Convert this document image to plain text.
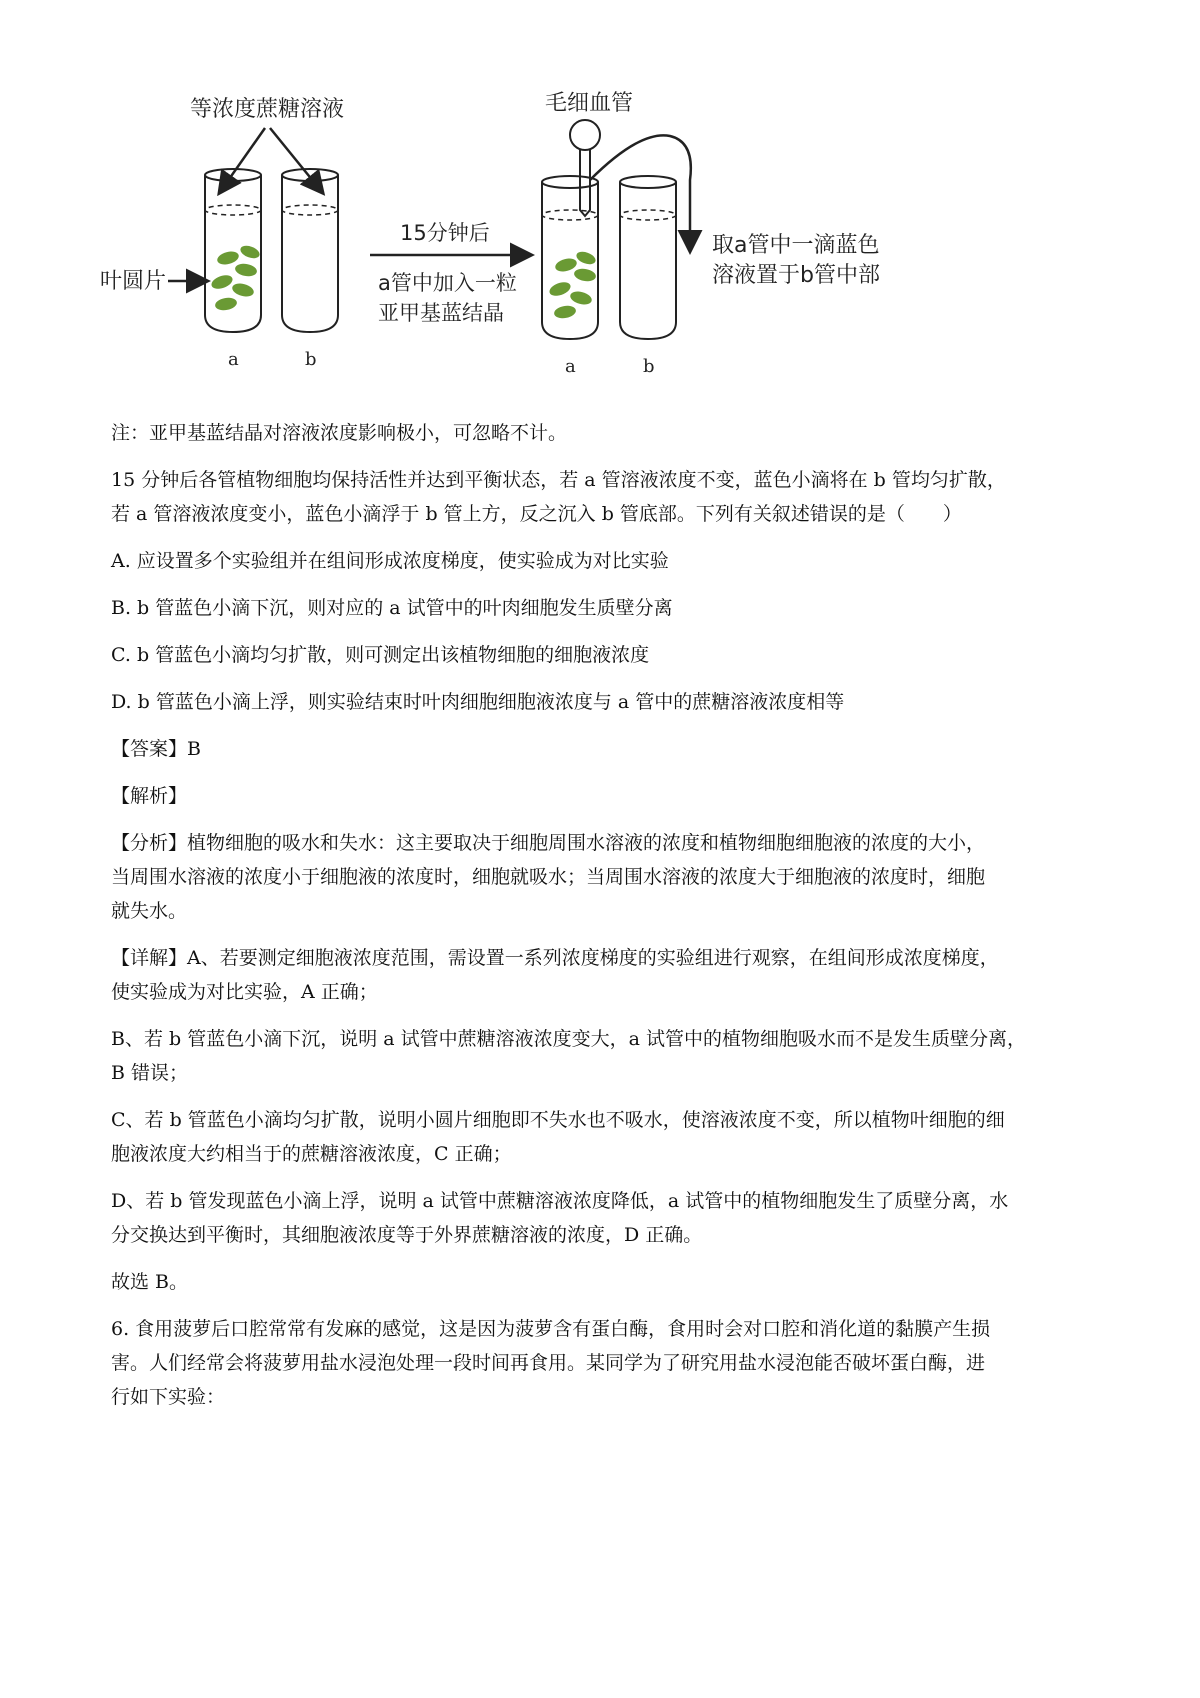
等浓度蔗糖溶液
叶圆片
a	b
15分钟后
a管中加入一粒
亚甲基蓝结晶
毛细血管
a	b
取a管中一滴蓝色
溶液置于b管中部

注：亚甲基蓝结晶对溶液浓度影响极小，可忽略不计。

15 分钟后各管植物细胞均保持活性并达到平衡状态，若 a 管溶液浓度不变，蓝色小滴将在 b 管均匀扩散，

若 a 管溶液浓度变小，蓝色小滴浮于 b 管上方，反之沉入 b 管底部。下列有关叙述错误的是（　　）

A. 应设置多个实验组并在组间形成浓度梯度，使实验成为对比实验

B. b 管蓝色小滴下沉，则对应的 a 试管中的叶肉细胞发生质壁分离

C. b 管蓝色小滴均匀扩散，则可测定出该植物细胞的细胞液浓度

D. b 管蓝色小滴上浮，则实验结束时叶肉细胞细胞液浓度与 a 管中的蔗糖溶液浓度相等

【答案】B

【解析】

【分析】植物细胞的吸水和失水：这主要取决于细胞周围水溶液的浓度和植物细胞细胞液的浓度的大小，

当周围水溶液的浓度小于细胞液的浓度时，细胞就吸水；当周围水溶液的浓度大于细胞液的浓度时，细胞

就失水。

【详解】A、若要测定细胞液浓度范围，需设置一系列浓度梯度的实验组进行观察，在组间形成浓度梯度，

使实验成为对比实验，A 正确；

B、若 b 管蓝色小滴下沉，说明 a 试管中蔗糖溶液浓度变大，a 试管中的植物细胞吸水而不是发生质壁分离，

B 错误；

C、若 b 管蓝色小滴均匀扩散，说明小圆片细胞即不失水也不吸水，使溶液浓度不变，所以植物叶细胞的细

胞液浓度大约相当于的蔗糖溶液浓度，C 正确；

D、若 b 管发现蓝色小滴上浮，说明 a 试管中蔗糖溶液浓度降低，a 试管中的植物细胞发生了质壁分离，水

分交换达到平衡时，其细胞液浓度等于外界蔗糖溶液的浓度，D 正确。

故选 B。

6. 食用菠萝后口腔常常有发麻的感觉，这是因为菠萝含有蛋白酶，食用时会对口腔和消化道的黏膜产生损

害。人们经常会将菠萝用盐水浸泡处理一段时间再食用。某同学为了研究用盐水浸泡能否破坏蛋白酶，进

行如下实验：
